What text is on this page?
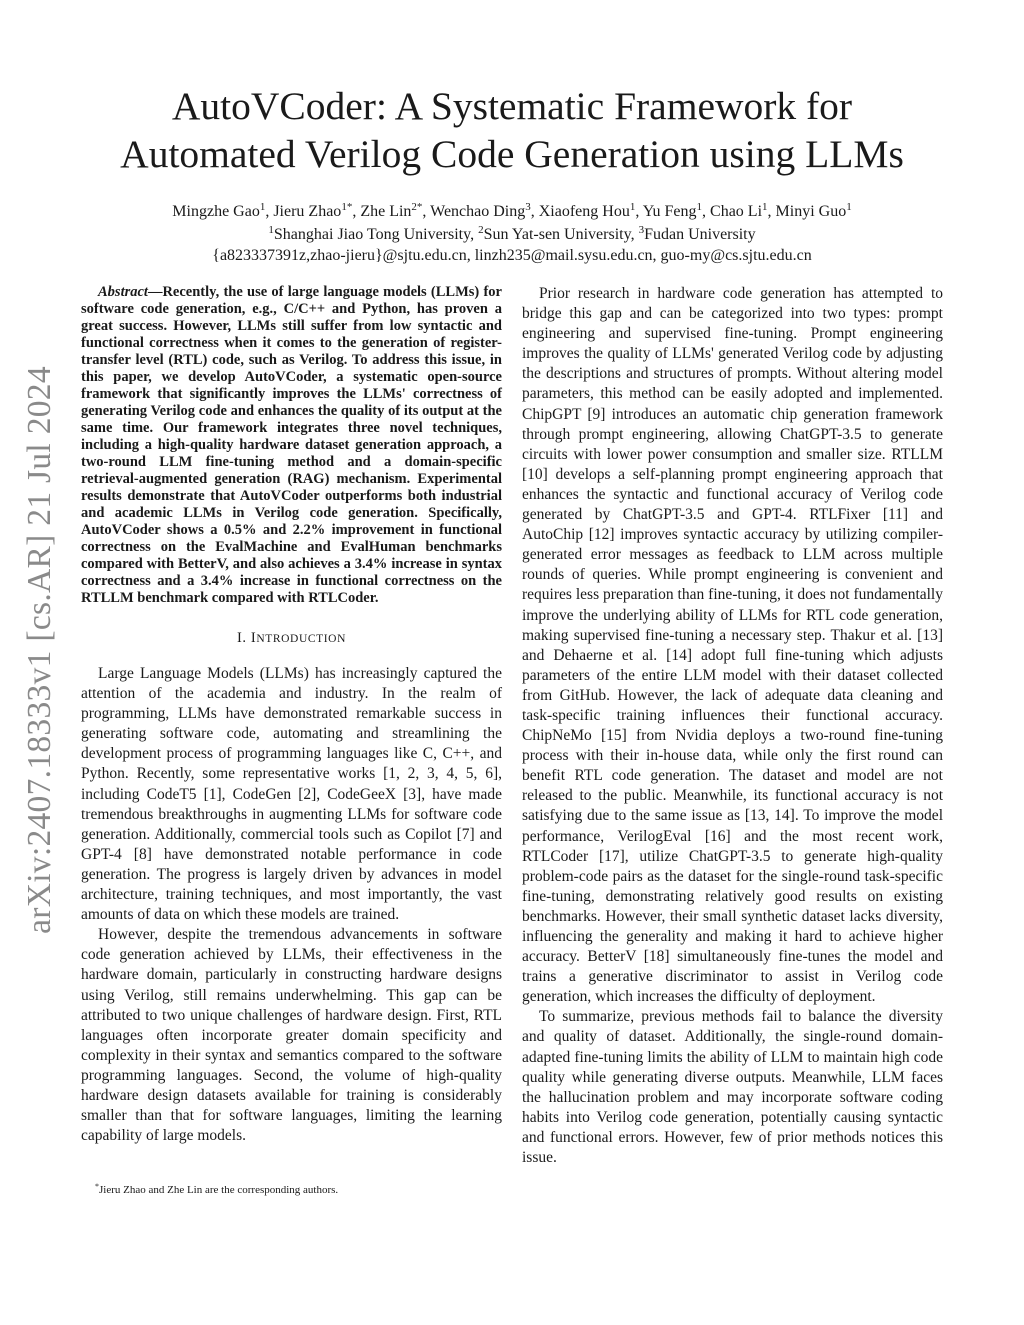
arXiv:2407.18333v1 [cs.AR] 21 Jul 2024
AutoVCoder: A Systematic Framework for
Automated Verilog Code Generation using LLMs
Mingzhe Gao$^1$, Jieru Zhao$^{1*}$, Zhe Lin$^{2*}$, Wenchao Ding$^3$, Xiaofeng Hou$^1$, Yu Feng$^1$, Chao Li$^1$, Minyi Guo$^1$
$^1$Shanghai Jiao Tong University, $^2$Sun Yat-sen University, $^3$Fudan University
{a823337391z,zhao-jieru}@sjtu.edu.cn, linzh235@mail.sysu.edu.cn, guo-my@cs.sjtu.edu.cn

Abstract—Recently, the use of large language models (LLMs) for software code generation, e.g., C/C++ and Python, has proven a great success. However, LLMs still suffer from low syntactic and functional correctness when it comes to the generation of register-transfer level (RTL) code, such as Verilog. To address this issue, in this paper, we develop AutoVCoder, a systematic open-source framework that significantly improves the LLMs' correctness of generating Verilog code and enhances the quality of its output at the same time. Our framework integrates three novel techniques, including a high-quality hardware dataset generation approach, a two-round LLM fine-tuning method and a domain-specific retrieval-augmented generation (RAG) mechanism. Experimental results demonstrate that AutoVCoder outperforms both industrial and academic LLMs in Verilog code generation. Specifically, AutoVCoder shows a 0.5% and 2.2% improvement in functional correctness on the EvalMachine and EvalHuman benchmarks compared with BetterV, and also achieves a 3.4% increase in syntax correctness and a 3.4% increase in functional correctness on the RTLLM benchmark compared with RTLCoder.

I. INTRODUCTION

Large Language Models (LLMs) has increasingly captured the attention of the academia and industry. In the realm of programming, LLMs have demonstrated remarkable success in generating software code, automating and streamlining the development process of programming languages like C, C++, and Python. Recently, some representative works [1, 2, 3, 4, 5, 6], including CodeT5 [1], CodeGen [2], CodeGeeX [3], have made tremendous breakthroughs in augmenting LLMs for software code generation. Additionally, commercial tools such as Copilot [7] and GPT-4 [8] have demonstrated notable performance in code generation. The progress is largely driven by advances in model architecture, training techniques, and most importantly, the vast amounts of data on which these models are trained.

However, despite the tremendous advancements in software code generation achieved by LLMs, their effectiveness in the hardware domain, particularly in constructing hardware designs using Verilog, still remains underwhelming. This gap can be attributed to two unique challenges of hardware design. First, RTL languages often incorporate greater domain specificity and complexity in their syntax and semantics compared to the software programming languages. Second, the volume of high-quality hardware design datasets available for training is considerably smaller than that for software languages, limiting the learning capability of large models.

*Jieru Zhao and Zhe Lin are the corresponding authors.

Prior research in hardware code generation has attempted to bridge this gap and can be categorized into two types: prompt engineering and supervised fine-tuning. Prompt engineering improves the quality of LLMs' generated Verilog code by adjusting the descriptions and structures of prompts. Without altering model parameters, this method can be easily adopted and implemented. ChipGPT [9] introduces an automatic chip generation framework through prompt engineering, allowing ChatGPT-3.5 to generate circuits with lower power consumption and smaller size. RTLLM [10] develops a self-planning prompt engineering approach that enhances the syntactic and functional accuracy of Verilog code generated by ChatGPT-3.5 and GPT-4. RTLFixer [11] and AutoChip [12] improves syntactic accuracy by utilizing compiler-generated error messages as feedback to LLM across multiple rounds of queries. While prompt engineering is convenient and requires less preparation than fine-tuning, it does not fundamentally improve the underlying ability of LLMs for RTL code generation, making supervised fine-tuning a necessary step. Thakur et al. [13] and Dehaerne et al. [14] adopt full fine-tuning which adjusts parameters of the entire LLM model with their dataset collected from GitHub. However, the lack of adequate data cleaning and task-specific training influences their functional accuracy. ChipNeMo [15] from Nvidia deploys a two-round fine-tuning process with their in-house data, while only the first round can benefit RTL code generation. The dataset and model are not released to the public. Meanwhile, its functional accuracy is not satisfying due to the same issue as [13, 14]. To improve the model performance, VerilogEval [16] and the most recent work, RTLCoder [17], utilize ChatGPT-3.5 to generate high-quality problem-code pairs as the dataset for the single-round task-specific fine-tuning, demonstrating relatively good results on existing benchmarks. However, their small synthetic dataset lacks diversity, influencing the generality and making it hard to achieve higher accuracy. BetterV [18] simultaneously fine-tunes the model and trains a generative discriminator to assist in Verilog code generation, which increases the difficulty of deployment.

To summarize, previous methods fail to balance the diversity and quality of dataset. Additionally, the single-round domain-adapted fine-tuning limits the ability of LLM to maintain high code quality while generating diverse outputs. Meanwhile, LLM faces the hallucination problem and may incorporate software coding habits into Verilog code generation, potentially causing syntactic and functional errors. However, few of prior methods notices this issue.
